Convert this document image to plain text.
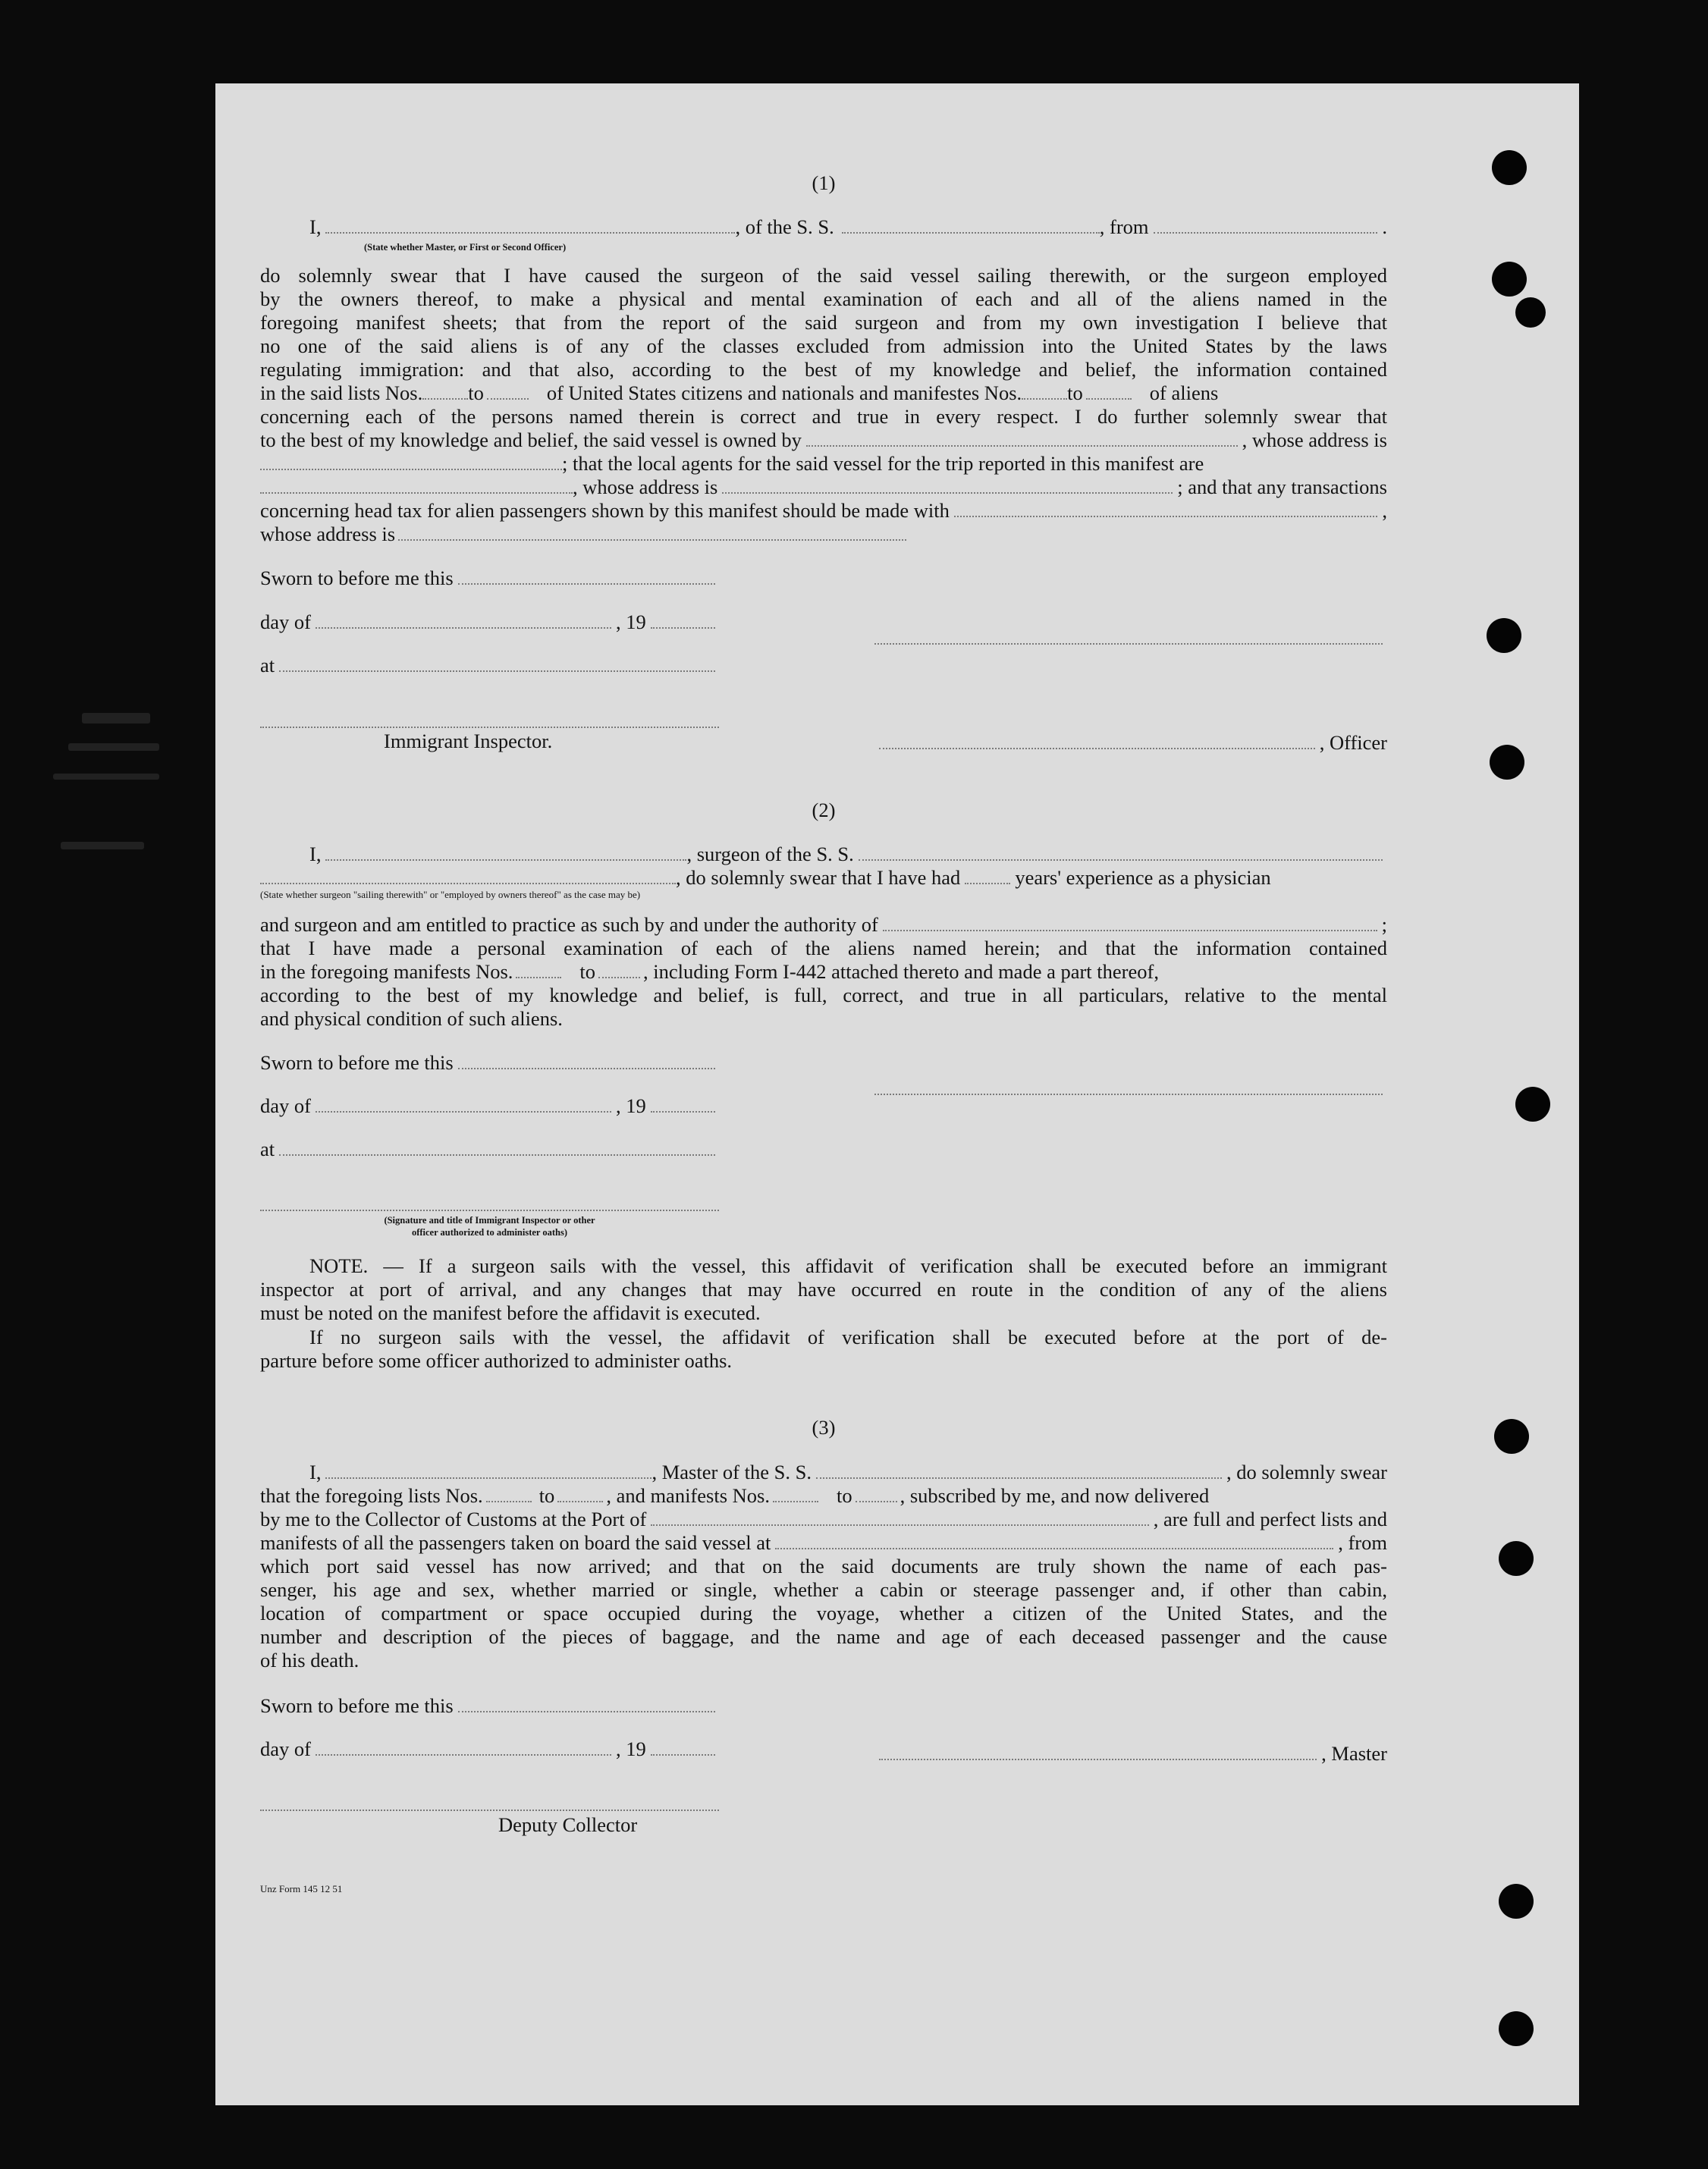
(1)
I,	, of the S. S.	, from	.
(State whether Master, or First or Second Officer)
do solemnly swear that I have caused the surgeon of the said vessel sailing therewith, or the surgeon employed
by the owners thereof, to make a physical and mental examination of each and all of the aliens named in the
foregoing manifest sheets; that from the report of the said surgeon and from my own investigation I believe that
no one of the said aliens is of any of the classes excluded from admission into the United States by the laws
regulating immigration: and that also, according to the best of my knowledge and belief, the information contained
in the said lists Nos. to	of United States citizens and nationals and manifestes Nos. to	of aliens
concerning each of the persons named therein is correct and true in every respect. I do further solemnly swear that
to the best of my knowledge and belief, the said vessel is owned by	, whose address is
; that the local agents for the said vessel for the trip reported in this manifest are
, whose address is	; and that any transactions
concerning head tax for alien passengers shown by this manifest should be made with	,
whose address is
Sworn to before me this
day of	, 19
at
Immigrant Inspector.	, Officer
(2)
I,	, surgeon of the S. S.
, do solemnly swear that I have had	years' experience as a physician
(State whether surgeon "sailing therewith" or "employed by owners thereof" as the case may be)
and surgeon and am entitled to practice as such by and under the authority of	;
that I have made a personal examination of each of the aliens named herein; and that the information contained
in the foregoing manifests Nos.	to , including Form I-442 attached thereto and made a part thereof,
according to the best of my knowledge and belief, is full, correct, and true in all particulars, relative to the mental
and physical condition of such aliens.
Sworn to before me this
day of	, 19
at
(Signature and title of Immigrant Inspector or other
officer authorized to administer oaths)
NOTE. — If a surgeon sails with the vessel, this affidavit of verification shall be executed before an immigrant
inspector at port of arrival, and any changes that may have occurred en route in the condition of any of the aliens
must be noted on the manifest before the affidavit is executed.
If no surgeon sails with the vessel, the affidavit of verification shall be executed before at the port of de-
parture before some officer authorized to administer oaths.
(3)
I,	, Master of the S. S.	, do solemnly swear
that the foregoing lists Nos.	to	, and manifests Nos.	to , subscribed by me, and now delivered
by me to the Collector of Customs at the Port of	, are full and perfect lists and
manifests of all the passengers taken on board the said vessel at	, from
which port said vessel has now arrived; and that on the said documents are truly shown the name of each pas-
senger, his age and sex, whether married or single, whether a cabin or steerage passenger and, if other than cabin,
location of compartment or space occupied during the voyage, whether a citizen of the United States, and the
number and description of the pieces of baggage, and the name and age of each deceased passenger and the cause
of his death.
Sworn to before me this
day of	, 19	, Master
Deputy Collector
Unz Form 145 12 51
